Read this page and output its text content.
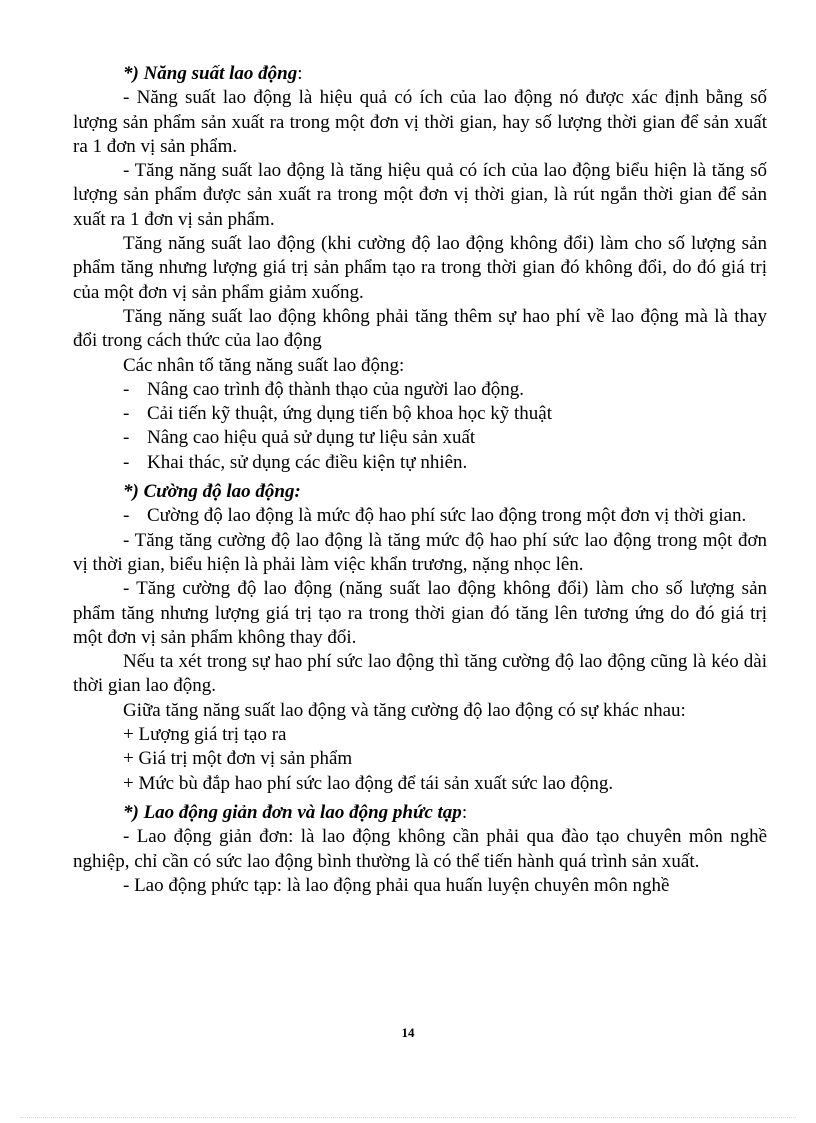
*) Năng suất lao động:

- Năng suất lao động là hiệu quả có ích của lao động nó được xác định bằng số lượng sản phẩm sản xuất ra trong một đơn vị thời gian, hay số lượng thời gian để sản xuất ra 1 đơn vị sản phẩm.

- Tăng năng suất lao động là tăng hiệu quả có ích của lao động biểu hiện là tăng số lượng sản phẩm được sản xuất ra trong một đơn vị thời gian, là rút ngắn thời gian để sản xuất ra 1 đơn vị sản phẩm.

Tăng năng suất lao động (khi cường độ lao động không đổi) làm cho số lượng sản phẩm tăng nhưng lượng giá trị sản phẩm tạo ra trong thời gian đó không đổi, do đó giá trị của một đơn vị sản phẩm giảm xuống.

Tăng năng suất lao động không phải tăng thêm sự hao phí về lao động mà là thay đổi trong cách thức của lao động

Các nhân tố tăng năng suất lao động:

- Nâng cao trình độ thành thạo của người lao động.
- Cải tiến kỹ thuật, ứng dụng tiến bộ khoa học kỹ thuật
- Nâng cao hiệu quả sử dụng tư liệu sản xuất
- Khai thác, sử dụng các điều kiện tự nhiên.

*) Cường độ lao động:

- Cường độ lao động là mức độ hao phí sức lao động trong một đơn vị thời gian.

- Tăng tăng cường độ lao động là tăng mức độ hao phí sức lao động trong một đơn vị thời gian, biểu hiện là phải làm việc khẩn trương, nặng nhọc lên.

- Tăng cường độ lao động (năng suất lao động không đổi) làm cho số lượng sản phẩm tăng nhưng lượng giá trị tạo ra trong thời gian đó tăng lên tương ứng do đó giá trị một đơn vị sản phẩm không thay đổi.

Nếu ta xét trong sự hao phí sức lao động thì tăng cường độ lao động cũng là kéo dài thời gian lao động.

Giữa tăng năng suất lao động và tăng cường độ lao động có sự khác nhau:

+ Lượng giá trị tạo ra
+ Giá trị một đơn vị sản phẩm
+ Mức bù đắp hao phí sức lao động để tái sản xuất sức lao động.

*) Lao động giản đơn và lao động phức tạp:

- Lao động giản đơn: là lao động không cần phải qua đào tạo chuyên môn nghề nghiệp, chỉ cần có sức lao động bình thường là có thể tiến hành quá trình sản xuất.

- Lao động phức tạp: là lao động phải qua huấn luyện chuyên môn nghề

14
